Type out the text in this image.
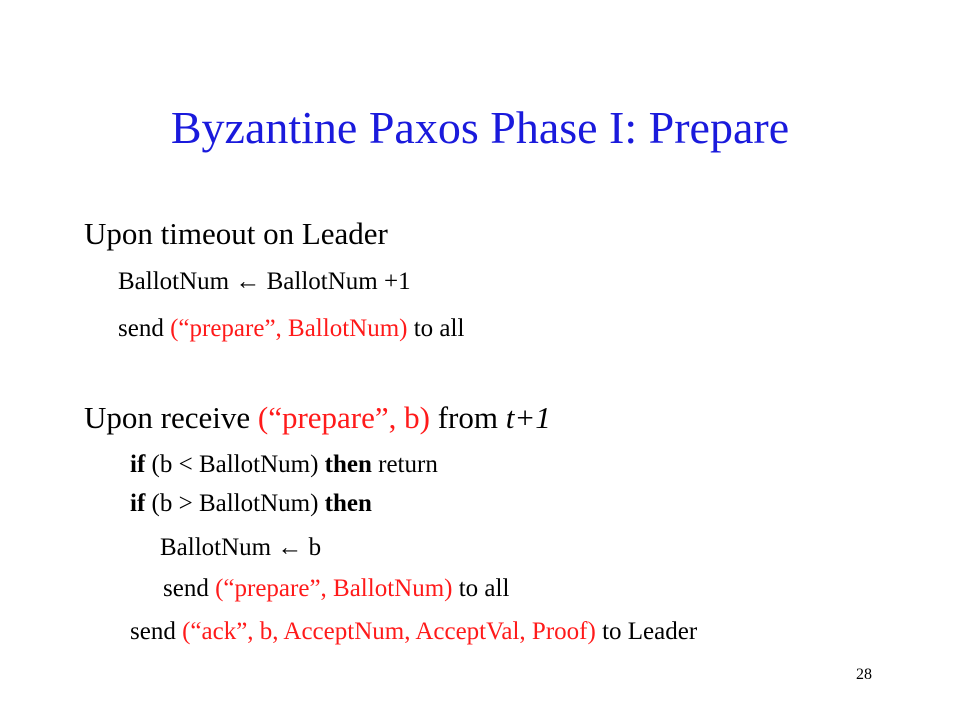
Byzantine Paxos Phase I: Prepare
Upon timeout on Leader
BallotNum ← BallotNum +1
send (“prepare”, BallotNum) to all
Upon receive (“prepare”, b) from t+1
if (b < BallotNum) then return
if (b > BallotNum) then
BallotNum ← b
send (“prepare”, BallotNum) to all
send (“ack”, b, AcceptNum, AcceptVal, Proof) to Leader
28
